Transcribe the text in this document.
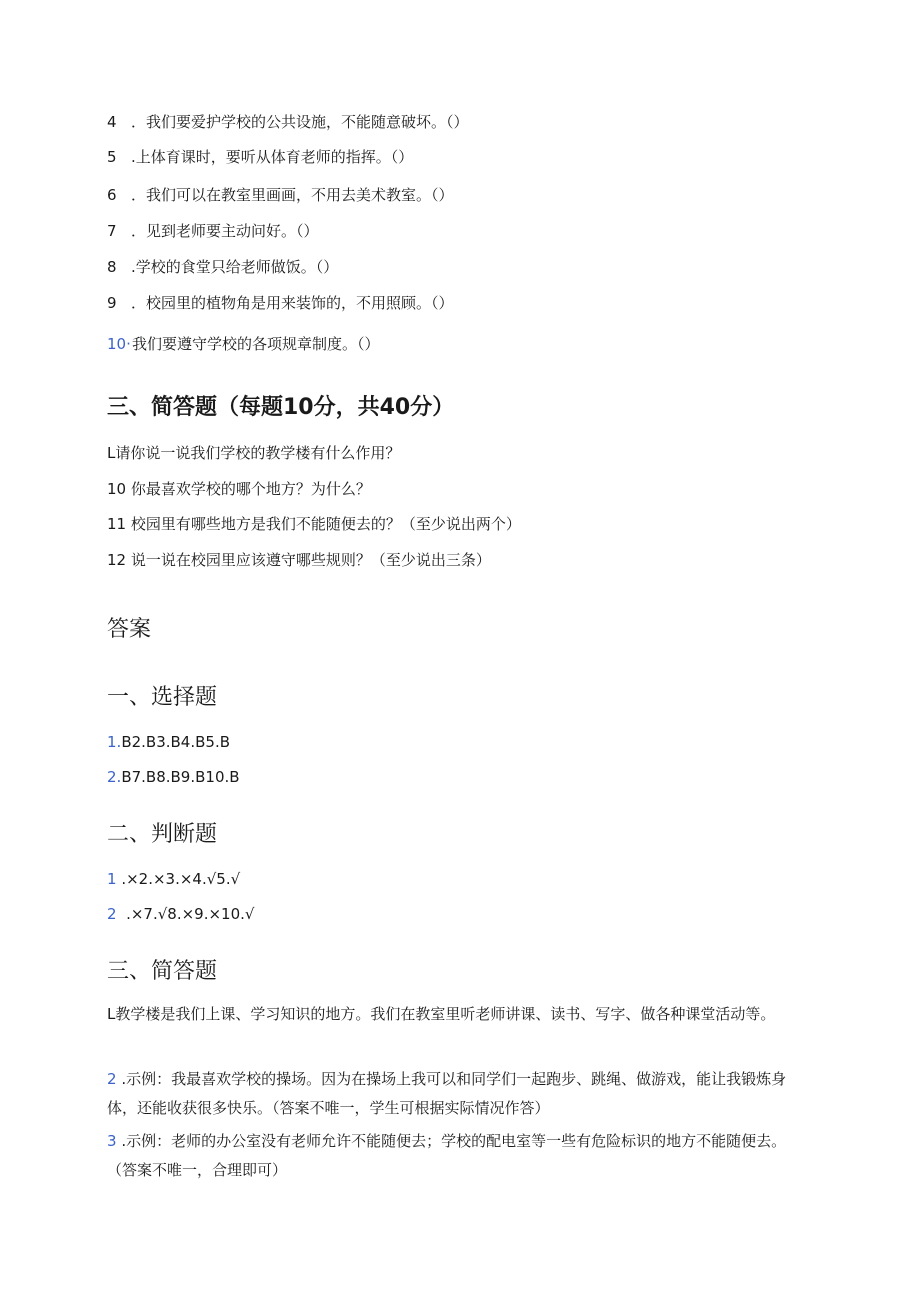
4 ．我们要爱护学校的公共设施，不能随意破坏。（）
5 .上体育课时，要听从体育老师的指挥。（）
6 ．我们可以在教室里画画，不用去美术教室。（）
7 ．见到老师要主动问好。（）
8 .学校的食堂只给老师做饭。（）
9 ．校园里的植物角是用来装饰的，不用照顾。（）
10·我们要遵守学校的各项规章制度。（）
三、简答题（每题10分，共40分）
L请你说一说我们学校的教学楼有什么作用？
10 你最喜欢学校的哪个地方？为什么？
11 校园里有哪些地方是我们不能随便去的？（至少说出两个）
12 说一说在校园里应该遵守哪些规则？（至少说出三条）
答案
一、选择题
1.B2.B3.B4.B5.B
2.B7.B8.B9.B10.B
二、判断题
1 .×2.×3.×4.√5.√
2  .×7.√8.×9.×10.√
三、简答题
L教学楼是我们上课、学习知识的地方。我们在教室里听老师讲课、读书、写字、做各种课堂活动等。
2 .示例：我最喜欢学校的操场。因为在操场上我可以和同学们一起跑步、跳绳、做游戏，能让我锻炼身体，还能收获很多快乐。（答案不唯一，学生可根据实际情况作答）
3 .示例：老师的办公室没有老师允许不能随便去；学校的配电室等一些有危险标识的地方不能随便去。（答案不唯一，合理即可）
